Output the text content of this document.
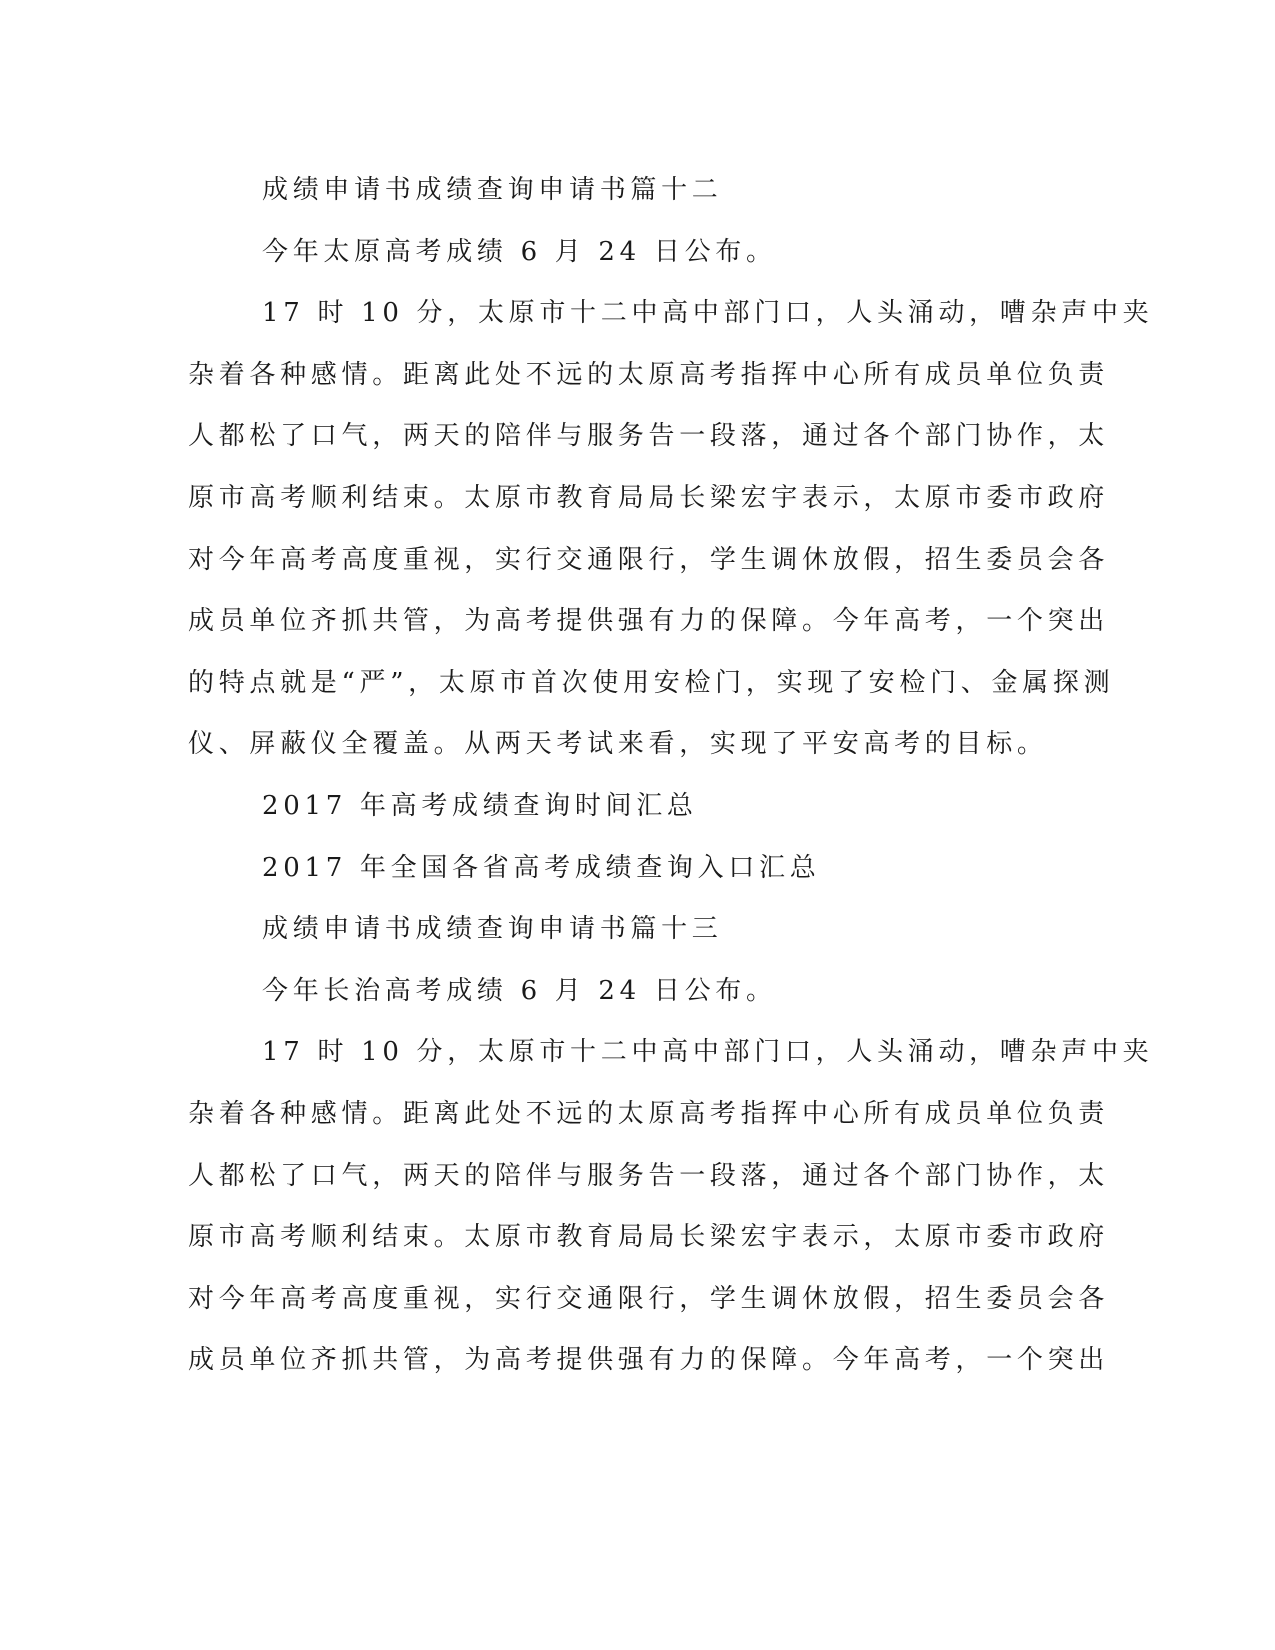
成绩申请书成绩查询申请书篇十二
今年太原高考成绩 6 月 24 日公布。
17 时 10 分，太原市十二中高中部门口，人头涌动，嘈杂声中夹
杂着各种感情。距离此处不远的太原高考指挥中心所有成员单位负责
人都松了口气，两天的陪伴与服务告一段落，通过各个部门协作，太
原市高考顺利结束。太原市教育局局长梁宏宇表示，太原市委市政府
对今年高考高度重视，实行交通限行，学生调休放假，招生委员会各
成员单位齐抓共管，为高考提供强有力的保障。今年高考，一个突出
的特点就是“严”，太原市首次使用安检门，实现了安检门、金属探测
仪、屏蔽仪全覆盖。从两天考试来看，实现了平安高考的目标。
2017 年高考成绩查询时间汇总
2017 年全国各省高考成绩查询入口汇总
成绩申请书成绩查询申请书篇十三
今年长治高考成绩 6 月 24 日公布。
17 时 10 分，太原市十二中高中部门口，人头涌动，嘈杂声中夹
杂着各种感情。距离此处不远的太原高考指挥中心所有成员单位负责
人都松了口气，两天的陪伴与服务告一段落，通过各个部门协作，太
原市高考顺利结束。太原市教育局局长梁宏宇表示，太原市委市政府
对今年高考高度重视，实行交通限行，学生调休放假，招生委员会各
成员单位齐抓共管，为高考提供强有力的保障。今年高考，一个突出
